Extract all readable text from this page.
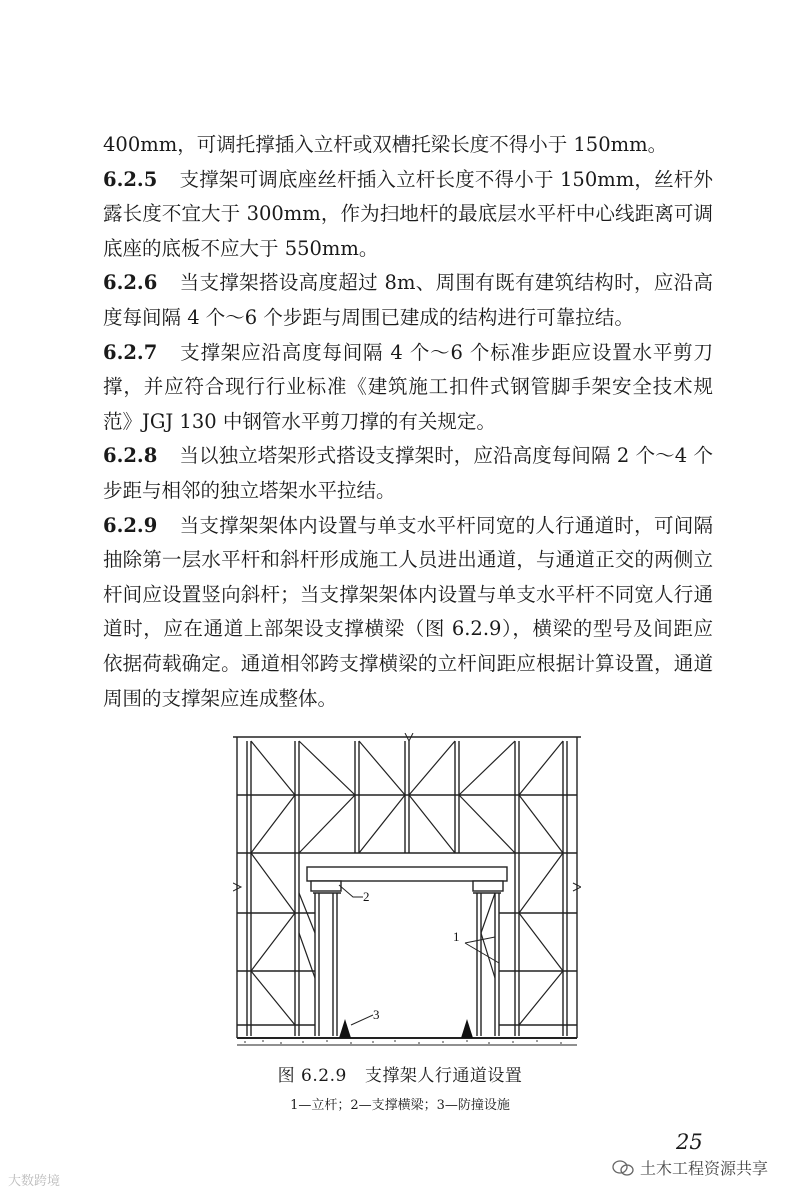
400mm，可调托撑插入立杆或双槽托梁长度不得小于 150mm。

6.2.5 支撑架可调底座丝杆插入立杆长度不得小于 150mm，丝杆外露长度不宜大于 300mm，作为扫地杆的最底层水平杆中心线距离可调底座的底板不应大于 550mm。

6.2.6 当支撑架搭设高度超过 8m、周围有既有建筑结构时，应沿高度每间隔 4 个～6 个步距与周围已建成的结构进行可靠拉结。

6.2.7 支撑架应沿高度每间隔 4 个～6 个标准步距应设置水平剪刀撑，并应符合现行行业标准《建筑施工扣件式钢管脚手架安全技术规范》JGJ 130 中钢管水平剪刀撑的有关规定。

6.2.8 当以独立塔架形式搭设支撑架时，应沿高度每间隔 2 个～4 个步距与相邻的独立塔架水平拉结。

6.2.9 当支撑架架体内设置与单支水平杆同宽的人行通道时，可间隔抽除第一层水平杆和斜杆形成施工人员进出通道，与通道正交的两侧立杆间应设置竖向斜杆；当支撑架架体内设置与单支水平杆不同宽人行通道时，应在通道上部架设支撑横梁（图 6.2.9），横梁的型号及间距应依据荷载确定。通道相邻跨支撑横梁的立杆间距应根据计算设置，通道周围的支撑架应连成整体。

2
1
3
图 6.2.9 支撑架人行通道设置
1—立杆；2—支撑横梁；3—防撞设施
25
大数跨境
土木工程资源共享
